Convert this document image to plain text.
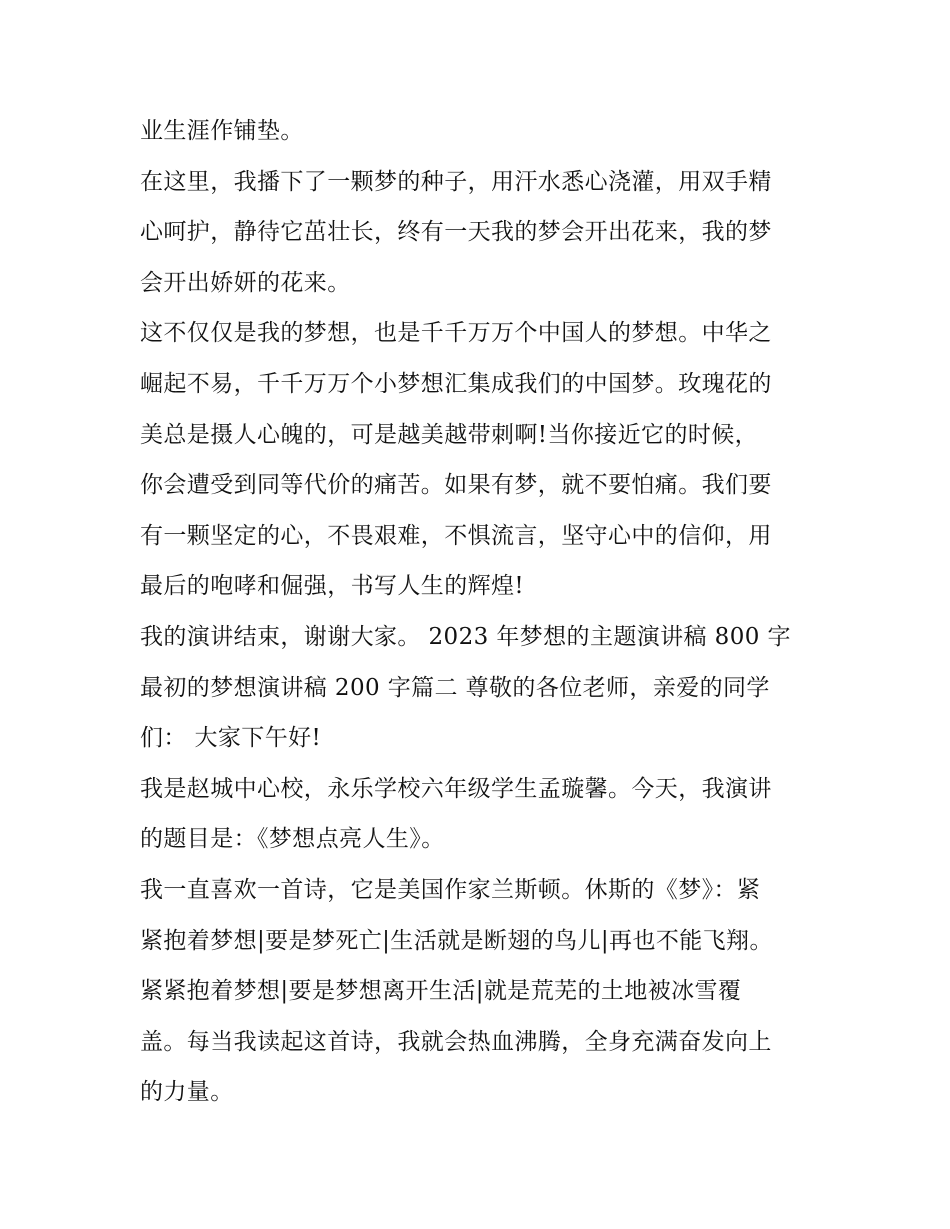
业生涯作铺垫。
在这里，我播下了一颗梦的种子，用汗水悉心浇灌，用双手精
心呵护，静待它茁壮长，终有一天我的梦会开出花来，我的梦
会开出娇妍的花来。
这不仅仅是我的梦想，也是千千万万个中国人的梦想。中华之
崛起不易，千千万万个小梦想汇集成我们的中国梦。玫瑰花的
美总是摄人心魄的，可是越美越带刺啊!当你接近它的时候，
你会遭受到同等代价的痛苦。如果有梦，就不要怕痛。我们要
有一颗坚定的心，不畏艰难，不惧流言，坚守心中的信仰，用
最后的咆哮和倔强，书写人生的辉煌!
我的演讲结束，谢谢大家。 2023 年梦想的主题演讲稿 800 字
最初的梦想演讲稿 200 字篇二 尊敬的各位老师，亲爱的同学
们： 大家下午好!
我是赵城中心校，永乐学校六年级学生孟璇馨。今天，我演讲
的题目是：《梦想点亮人生》。
我一直喜欢一首诗，它是美国作家兰斯顿。休斯的《梦》：紧
紧抱着梦想|要是梦死亡|生活就是断翅的鸟儿|再也不能飞翔。
紧紧抱着梦想|要是梦想离开生活|就是荒芜的土地被冰雪覆
盖。每当我读起这首诗，我就会热血沸腾，全身充满奋发向上
的力量。
